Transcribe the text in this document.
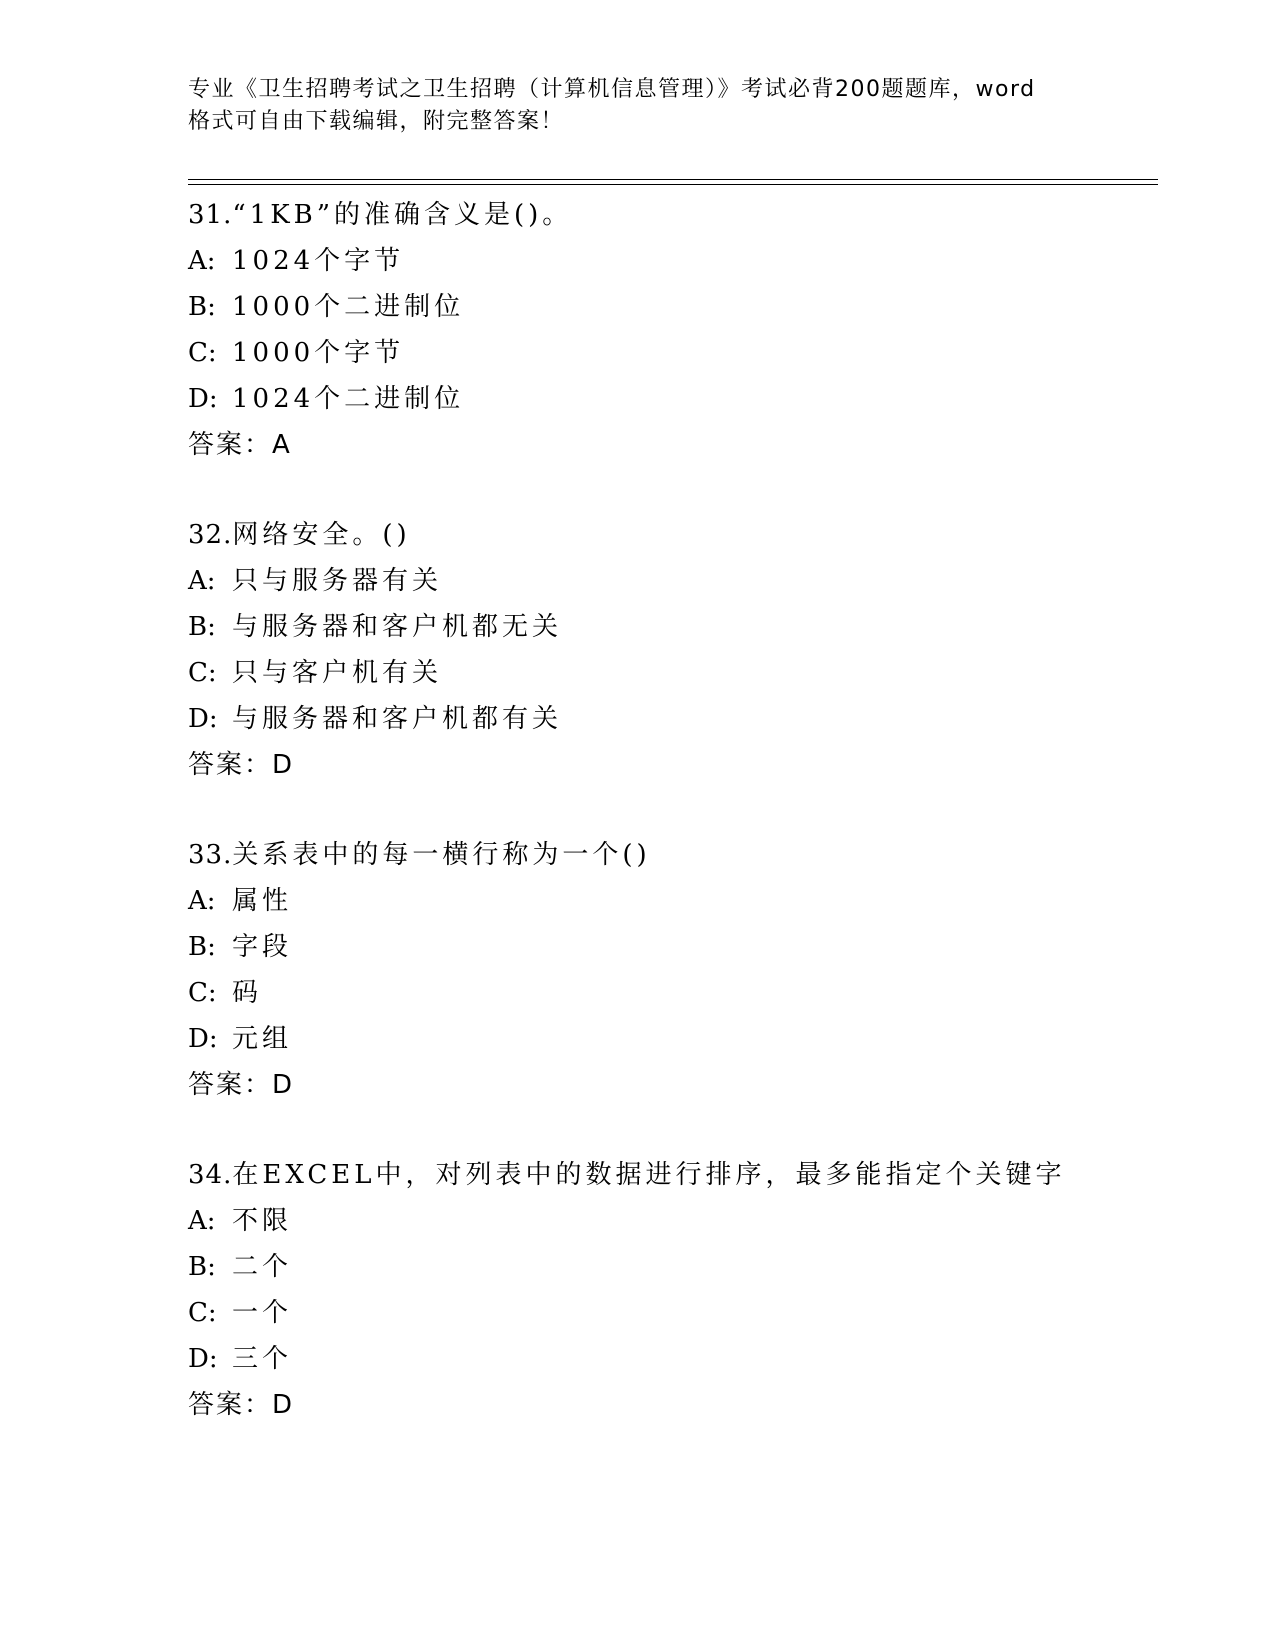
专业《卫生招聘考试之卫生招聘（计算机信息管理）》考试必背200题题库，word
格式可自由下载编辑，附完整答案！
31.“1KB”的准确含义是()。
A: 1024个字节
B: 1000个二进制位
C: 1000个字节
D: 1024个二进制位
答案：A
32.网络安全。()
A: 只与服务器有关
B: 与服务器和客户机都无关
C: 只与客户机有关
D: 与服务器和客户机都有关
答案：D
33.关系表中的每一横行称为一个()
A: 属性
B: 字段
C: 码
D: 元组
答案：D
34.在EXCEL中，对列表中的数据进行排序，最多能指定个关键字
A: 不限
B: 二个
C: 一个
D: 三个
答案：D
